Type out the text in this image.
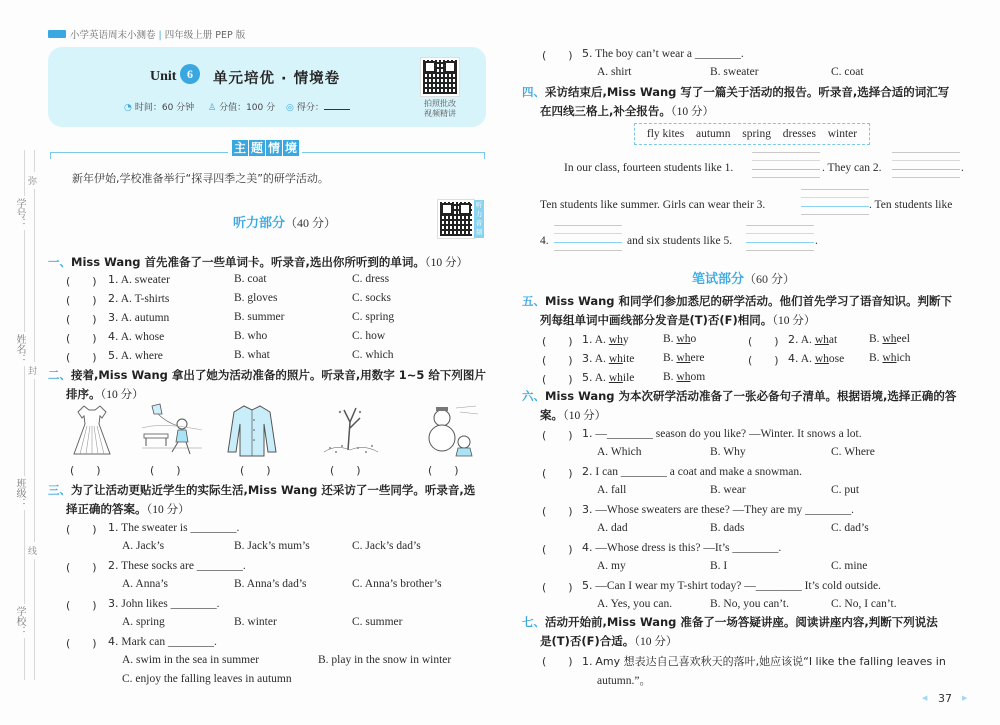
弥
学号：
姓名：
封
班级：
线
学校：
小学英语周末小测卷 | 四年级上册 PEP 版
Unit 6	单元培优 · 情境卷
◔ 时间：60 分钟 ♙ 分值：100 分 ◎ 得分：	拍照批改
视频精讲
主 题 情 境
新年伊始,学校准备举行“探寻四季之美”的研学活动。
听力部分（40 分）
听力音频
一、Miss Wang 首先准备了一些单词卡。听录音,选出你所听到的单词。（10 分）
二、接着,Miss Wang 拿出了她为活动准备的照片。听录音,用数字 1~5 给下列图片
排序。（10 分）
三、为了让活动更贴近学生的实际生活,Miss Wang 还采访了一些同学。听录音,选
择正确的答案。（10 分）
四、采访结束后,Miss Wang 写了一篇关于活动的报告。听录音,选择合适的词汇写
在四线三格上,补全报告。（10 分）
fly kites autumn spring dresses winter
In our class, fourteen students like 1.	. They can 2.	.
Ten students like summer. Girls can wear their 3.	. Ten students like
4.	and six students like 5.	.
笔试部分（60 分）
五、Miss Wang 和同学们参加悉尼的研学活动。他们首先学习了语音知识。判断下
列每组单词中画线部分发音是(T)否(F)相同。（10 分）
六、Miss Wang 为本次研学活动准备了一张必备句子清单。根据语境,选择正确的答
案。（10 分）
七、活动开始前,Miss Wang 准备了一场答疑讲座。阅读讲座内容,判断下列说法
是(T)否(F)合适。（10 分）
(　　) 1. Amy 想表达自己喜欢秋天的落叶,她应该说“I like the falling leaves in
autumn.”。
◀ 37 ▶
(　　) 1. A. sweater	B. coat	C. dress
(　　) 2. A. T-shirts	B. gloves	C. socks
(　　) 3. A. autumn	B. summer	C. spring
(　　) 4. A. whose	B. who	C. how
(　　) 5. A. where	B. what	C. which
(　　)	(　　)	(　　)	(　　)	(　　)
(　　) 1. The sweater is ________.
A. Jack’s	B. Jack’s mum’s	C. Jack’s dad’s
(　　) 2. These socks are ________.
A. Anna’s	B. Anna’s dad’s	C. Anna’s brother’s
(　　) 3. John likes ________.
A. spring	B. winter	C. summer
(　　) 4. Mark can ________.
A. swim in the sea in summer	B. play in the snow in winter
C. enjoy the falling leaves in autumn
(　　) 5. The boy can’t wear a ________.
A. shirt	B. sweater	C. coat
(　　) 1. A. why	B. who	(　　) 2. A. what	B. wheel
(　　) 3. A. white B. where	(　　) 4. A. whose B. which
(　　) 5. A. while B. whom
(　　) 1. —________ season do you like? —Winter. It snows a lot.
A. Which	B. Why	C. Where
(　　) 2. I can ________ a coat and make a snowman.
A. fall	B. wear	C. put
(　　) 3. —Whose sweaters are these? —They are my ________.
A. dad	B. dads	C. dad’s
(　　) 4. —Whose dress is this? —It’s ________.
A. my	B. I	C. mine
(　　) 5. —Can I wear my T-shirt today? —________ It’s cold outside.
A. Yes, you can.	B. No, you can’t.	C. No, I can’t.
